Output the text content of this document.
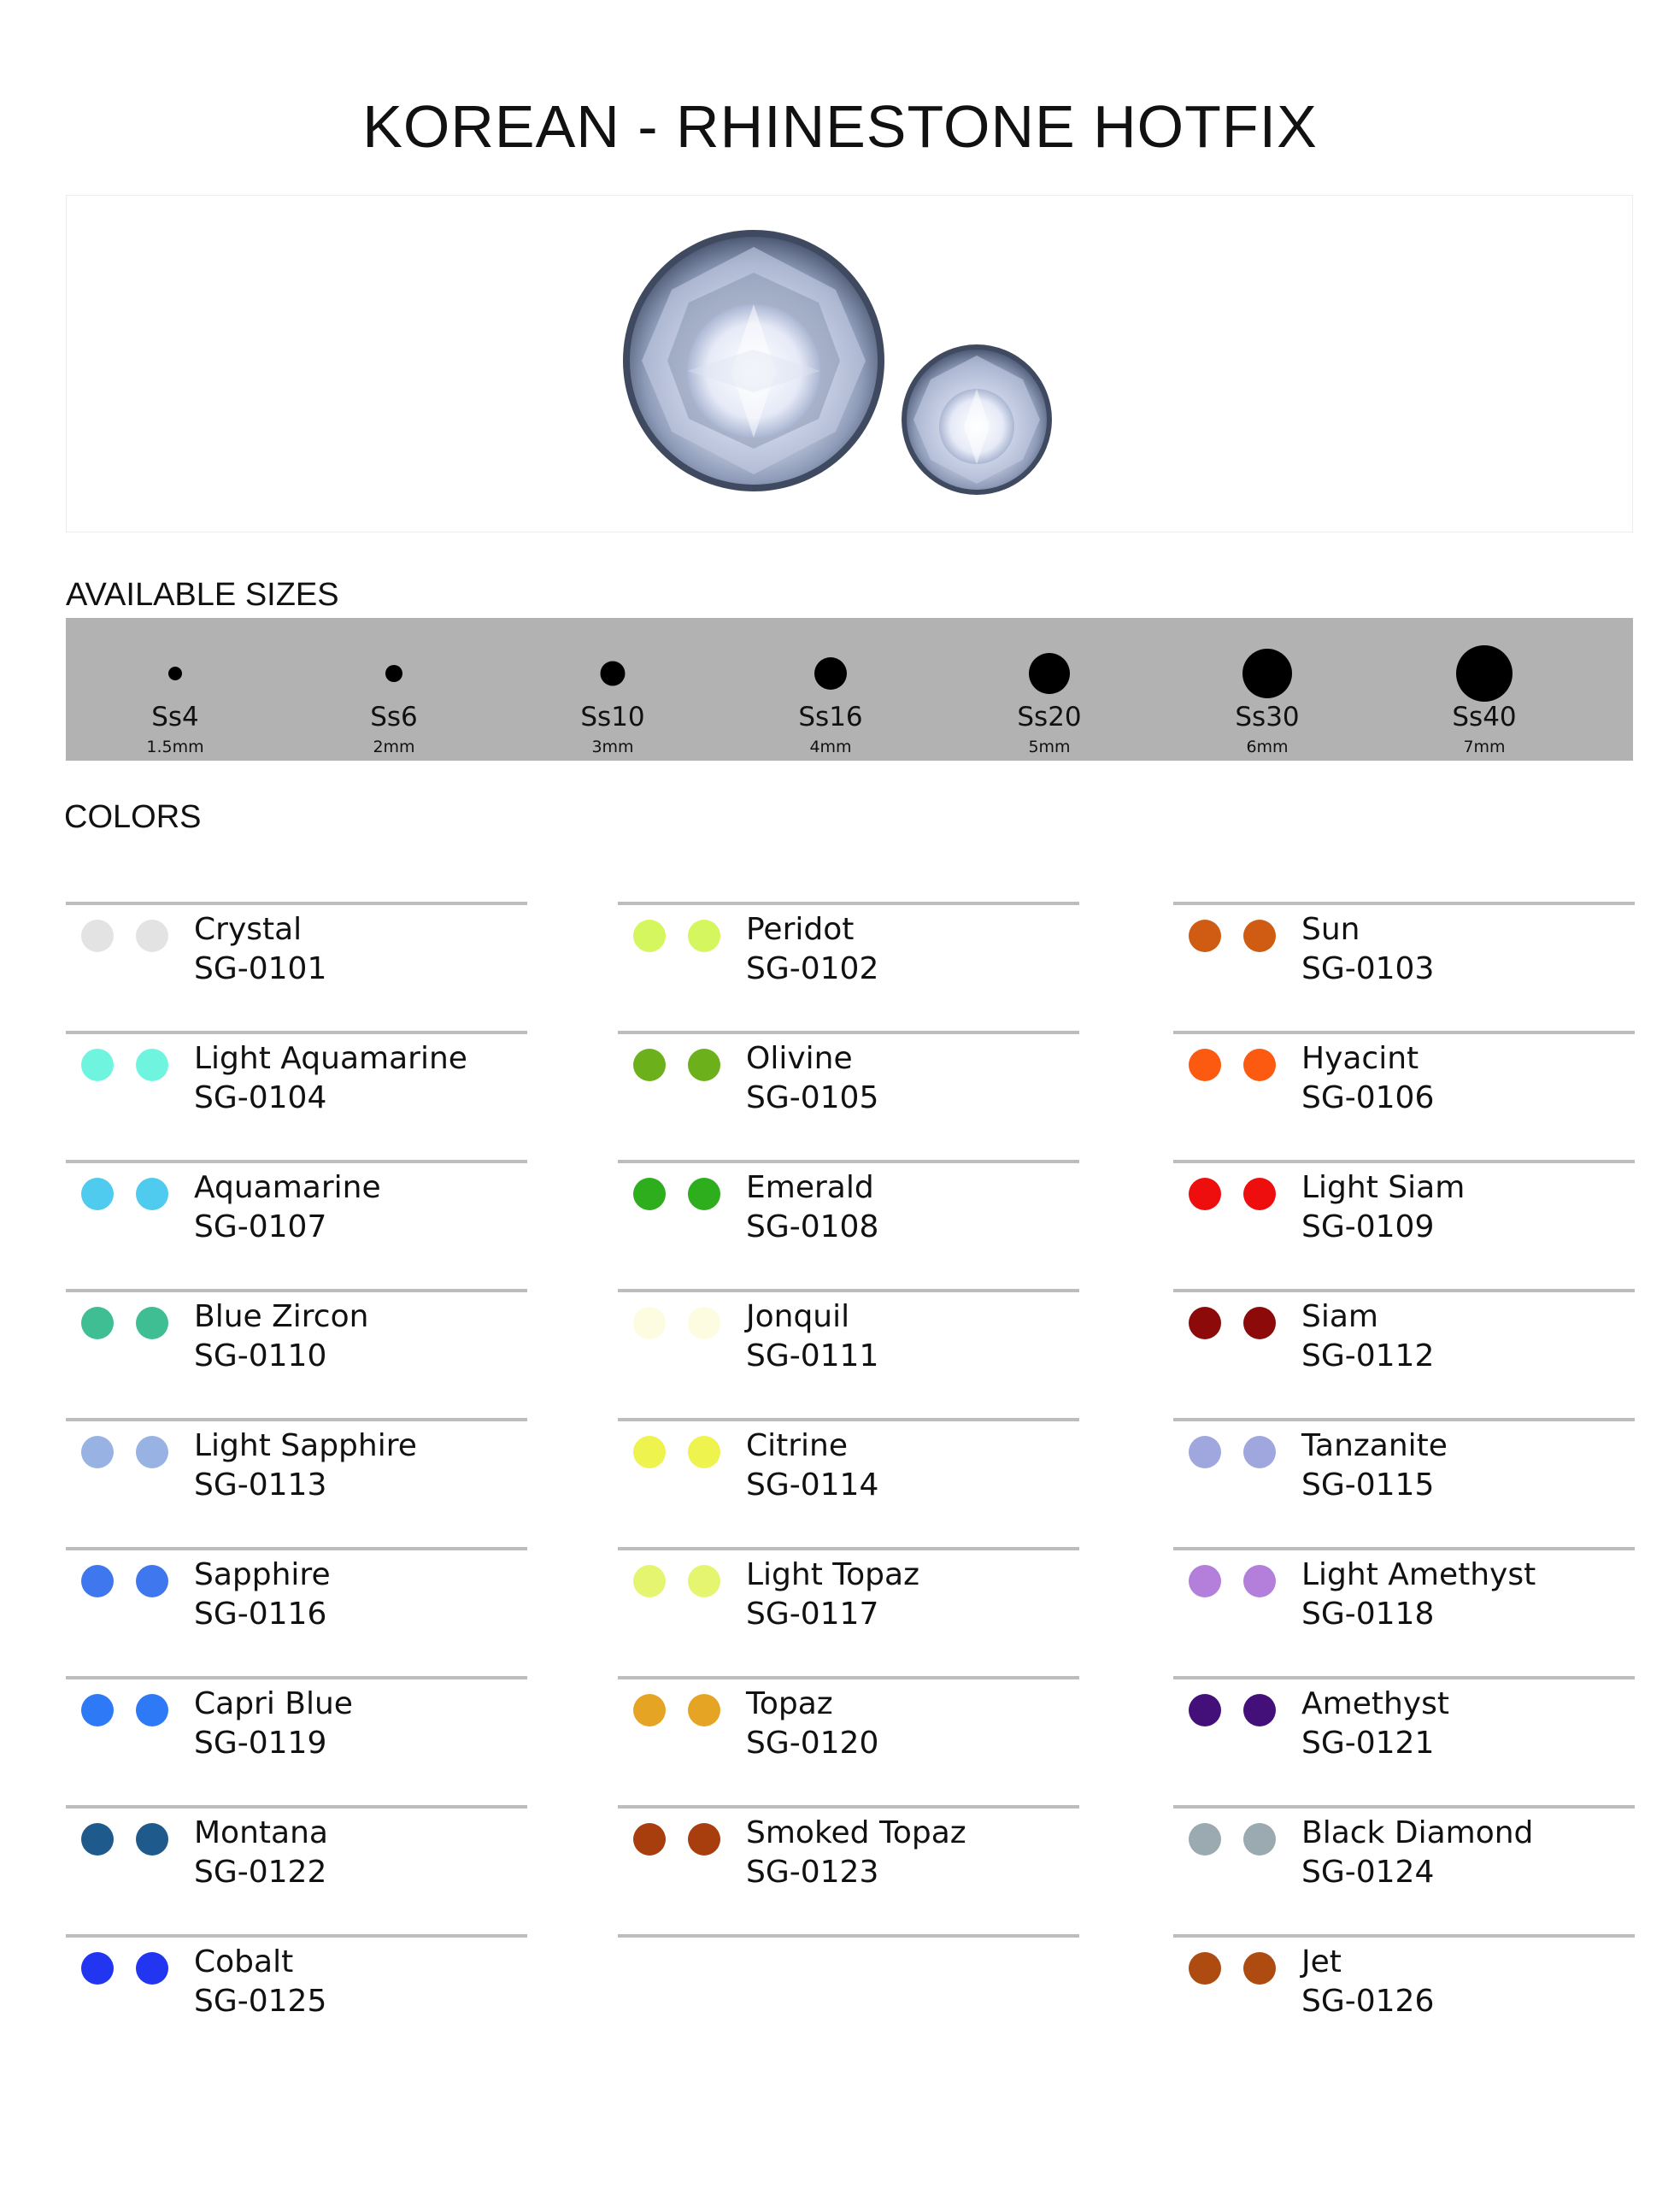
KOREAN - RHINESTONE HOTFIX
AVAILABLE SIZES
Ss4
1.5mm
Ss6
2mm
Ss10
3mm
Ss16
4mm
Ss20
5mm
Ss30
6mm
Ss40
7mm
COLORS
Crystal
SG-0101
Light Aquamarine
SG-0104
Aquamarine
SG-0107
Blue Zircon
SG-0110
Light Sapphire
SG-0113
Sapphire
SG-0116
Capri Blue
SG-0119
Montana
SG-0122
Cobalt
SG-0125
Peridot
SG-0102
Olivine
SG-0105
Emerald
SG-0108
Jonquil
SG-0111
Citrine
SG-0114
Light Topaz
SG-0117
Topaz
SG-0120
Smoked Topaz
SG-0123
Sun
SG-0103
Hyacint
SG-0106
Light Siam
SG-0109
Siam
SG-0112
Tanzanite
SG-0115
Light Amethyst
SG-0118
Amethyst
SG-0121
Black Diamond
SG-0124
Jet
SG-0126
